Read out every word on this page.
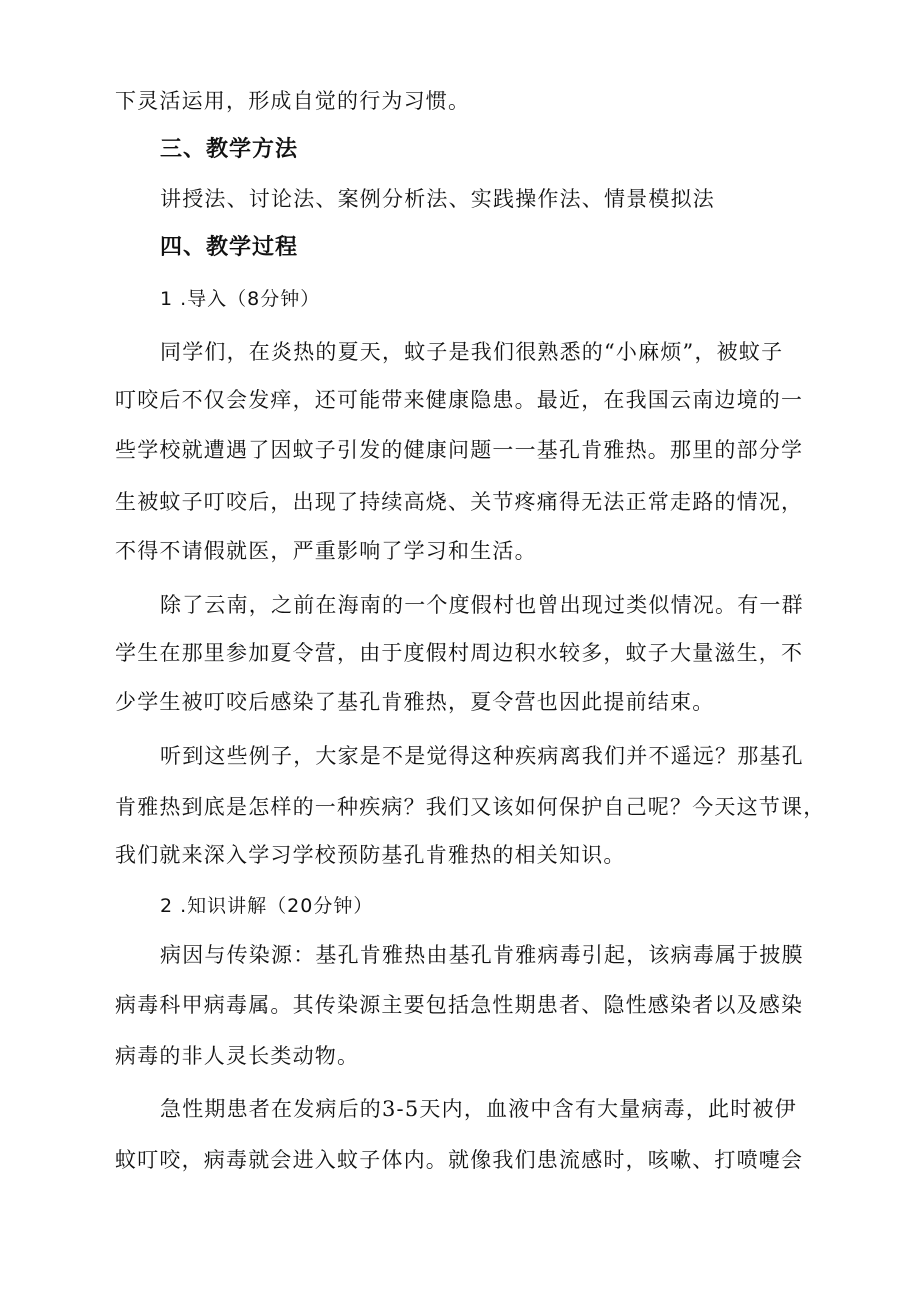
下灵活运用，形成自觉的行为习惯。
三、教学方法
讲授法、讨论法、案例分析法、实践操作法、情景模拟法
四、教学过程
1 .导入（8分钟）
同学们，在炎热的夏天，蚊子是我们很熟悉的“小麻烦”，被蚊子
叮咬后不仅会发痒，还可能带来健康隐患。最近，在我国云南边境的一
些学校就遭遇了因蚊子引发的健康问题一一基孔肯雅热。那里的部分学
生被蚊子叮咬后，出现了持续高烧、关节疼痛得无法正常走路的情况，
不得不请假就医，严重影响了学习和生活。
除了云南，之前在海南的一个度假村也曾出现过类似情况。有一群
学生在那里参加夏令营，由于度假村周边积水较多，蚊子大量滋生，不
少学生被叮咬后感染了基孔肯雅热，夏令营也因此提前结束。
听到这些例子，大家是不是觉得这种疾病离我们并不遥远？那基孔
肯雅热到底是怎样的一种疾病？我们又该如何保护自己呢？今天这节课，
我们就来深入学习学校预防基孔肯雅热的相关知识。
2 .知识讲解（20分钟）
病因与传染源：基孔肯雅热由基孔肯雅病毒引起，该病毒属于披膜
病毒科甲病毒属。其传染源主要包括急性期患者、隐性感染者以及感染
病毒的非人灵长类动物。
急性期患者在发病后的3-5天内，血液中含有大量病毒，此时被伊
蚊叮咬，病毒就会进入蚊子体内。就像我们患流感时，咳嗽、打喷嚏会
